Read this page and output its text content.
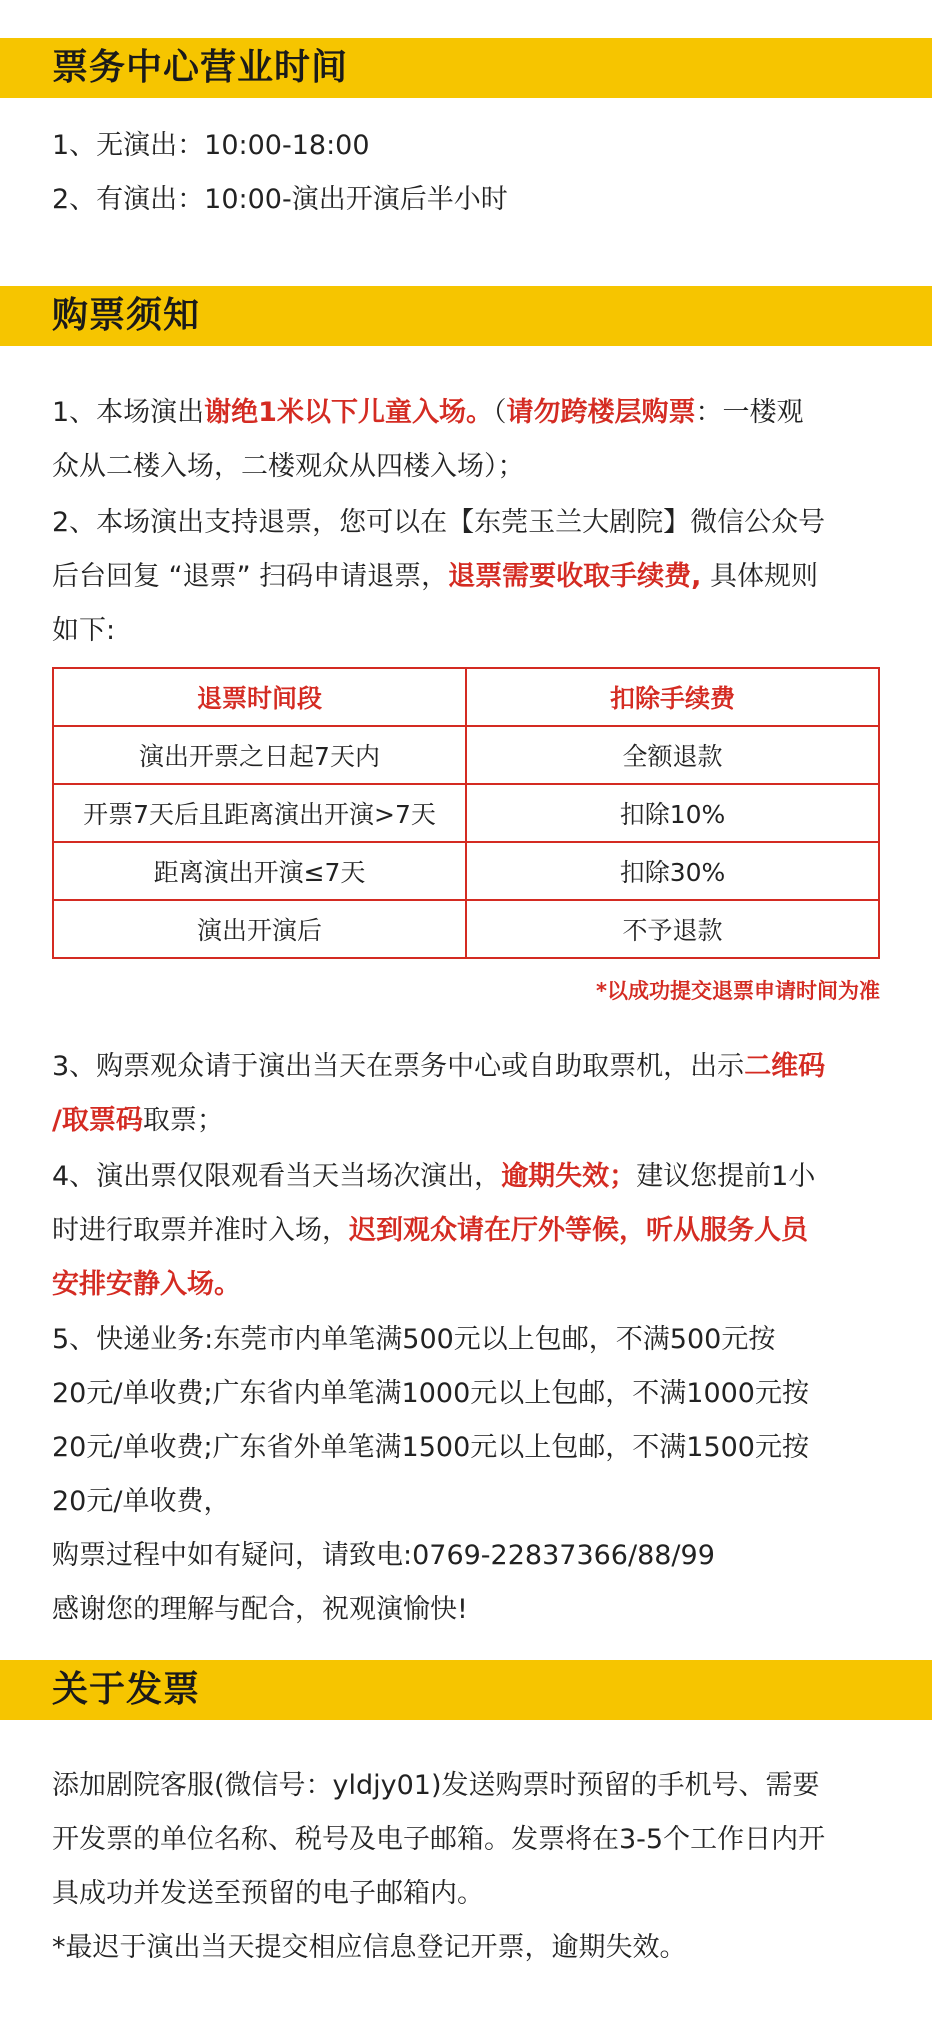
票务中心营业时间
1、无演出：10:00-18:00
2、有演出：10:00-演出开演后半小时
购票须知
1、本场演出谢绝1米以下儿童入场。（请勿跨楼层购票：一楼观
众从二楼入场，二楼观众从四楼入场）；
2、本场演出支持退票，您可以在【东莞玉兰大剧院】微信公众号
后台回复 “退票” 扫码申请退票，退票需要收取手续费, 具体规则
如下:
退票时间段	扣除手续费
演出开票之日起7天内	全额退款
开票7天后且距离演出开演>7天	扣除10%
距离演出开演≤7天	扣除30%
演出开演后	不予退款
*以成功提交退票申请时间为准
3、购票观众请于演出当天在票务中心或自助取票机，出示二维码
/取票码取票；
4、演出票仅限观看当天当场次演出，逾期失效；建议您提前1小
时进行取票并准时入场，迟到观众请在厅外等候，听从服务人员
安排安静入场。
5、快递业务:东莞市内单笔满500元以上包邮，不满500元按
20元/单收费;广东省内单笔满1000元以上包邮，不满1000元按
20元/单收费;广东省外单笔满1500元以上包邮，不满1500元按
20元/单收费，
购票过程中如有疑问，请致电:0769-22837366/88/99
感谢您的理解与配合，祝观演愉快!
关于发票
添加剧院客服(微信号：yldjy01)发送购票时预留的手机号、需要
开发票的单位名称、税号及电子邮箱。发票将在3-5个工作日内开
具成功并发送至预留的电子邮箱内。
*最迟于演出当天提交相应信息登记开票，逾期失效。
